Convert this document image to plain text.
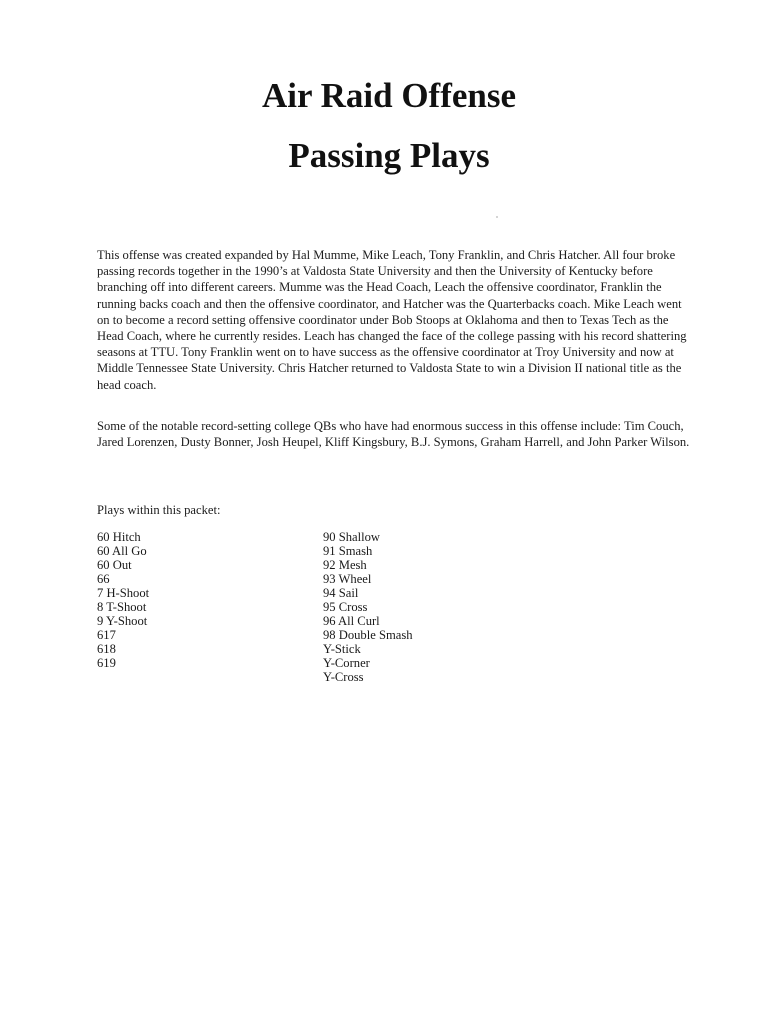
Air Raid Offense
Passing Plays

This offense was created expanded by Hal Mumme, Mike Leach, Tony Franklin, and Chris Hatcher. All four broke passing records together in the 1990’s at Valdosta State University and then the University of Kentucky before branching off into different careers. Mumme was the Head Coach, Leach the offensive coordinator, Franklin the running backs coach and then the offensive coordinator, and Hatcher was the Quarterbacks coach. Mike Leach went on to become a record setting offensive coordinator under Bob Stoops at Oklahoma and then to Texas Tech as the Head Coach, where he currently resides. Leach has changed the face of the college passing with his record shattering seasons at TTU. Tony Franklin went on to have success as the offensive coordinator at Troy University and now at Middle Tennessee State University. Chris Hatcher returned to Valdosta State to win a Division II national title as the head coach.

Some of the notable record-setting college QBs who have had enormous success in this offense include: Tim Couch, Jared Lorenzen, Dusty Bonner, Josh Heupel, Kliff Kingsbury, B.J. Symons, Graham Harrell, and John Parker Wilson.

Plays within this packet:

60 Hitch
60 All Go
60 Out
66
7 H-Shoot
8 T-Shoot
9 Y-Shoot
617
618
619
90 Shallow
91 Smash
92 Mesh
93 Wheel
94 Sail
95 Cross
96 All Curl
98 Double Smash
Y-Stick
Y-Corner
Y-Cross
